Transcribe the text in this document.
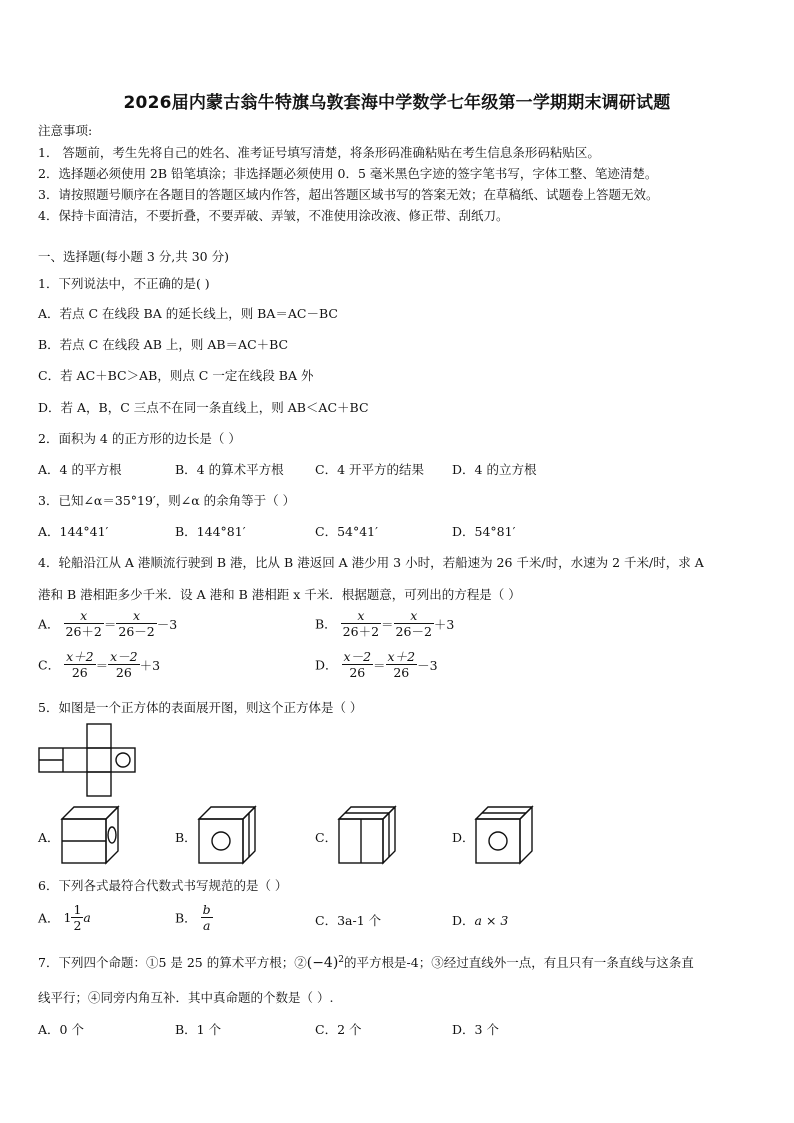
2026届内蒙古翁牛特旗乌敦套海中学数学七年级第一学期期末调研试题
注意事项:
1． 答题前，考生先将自己的姓名、准考证号填写清楚，将条形码准确粘贴在考生信息条形码粘贴区。
2．选择题必须使用 2B 铅笔填涂；非选择题必须使用 0．5 毫米黑色字迹的签字笔书写，字体工整、笔迹清楚。
3．请按照题号顺序在各题目的答题区域内作答，超出答题区域书写的答案无效；在草稿纸、试题卷上答题无效。
4．保持卡面清洁，不要折叠，不要弄破、弄皱，不准使用涂改液、修正带、刮纸刀。
一、选择题(每小题 3 分,共 30 分)
1．下列说法中，不正确的是( )
A．若点 C 在线段 BA 的延长线上，则 BA＝AC－BC
B．若点 C 在线段 AB 上，则 AB＝AC＋BC
C．若 AC＋BC＞AB，则点 C 一定在线段 BA 外
D．若 A，B，C 三点不在同一条直线上，则 AB＜AC＋BC
2．面积为 4 的正方形的边长是（ ）
A．4 的平方根	B．4 的算术平方根	C．4 开平方的结果 D．4 的立方根
3．已知∠α＝35°19′，则∠α 的余角等于（ ）
A．144°41′	B．144°81′	C．54°41′	D．54°81′
4．轮船沿江从 A 港顺流行驶到 B 港，比从 B 港返回 A 港少用 3 小时，若船速为 26 千米/时，水速为 2 千米/时，求 A
港和 B 港相距多少千米．设 A 港和 B 港相距 x 千米．根据题意，可列出的方程是（ ）
A． $\frac{x}{26+2} = \frac{x}{26-2} -3$	B． $\frac{x}{26+2} = \frac{x}{26-2} +3$
C． $\frac{x+2}{26} = \frac{x-2}{26} +3$	D． $\frac{x-2}{26} = \frac{x+2}{26} -3$
5．如图是一个正方体的表面展开图，则这个正方体是（ ）
A．	B．	C．	D．
6．下列各式最符合代数式书写规范的是（ ）
A． $1 \frac{1}{2}$ a	B． $\frac{b}{a}$	C．3a-1 个	D．a × 3
7．下列四个命题：①5 是 25 的算术平方根；$②(-4)^2$的平方根是-4；③经过直线外一点，有且只有一条直线与这条直
线平行；④同旁内角互补．其中真命题的个数是（ ）.
A．0 个	B．1 个	C．2 个	D．3 个
